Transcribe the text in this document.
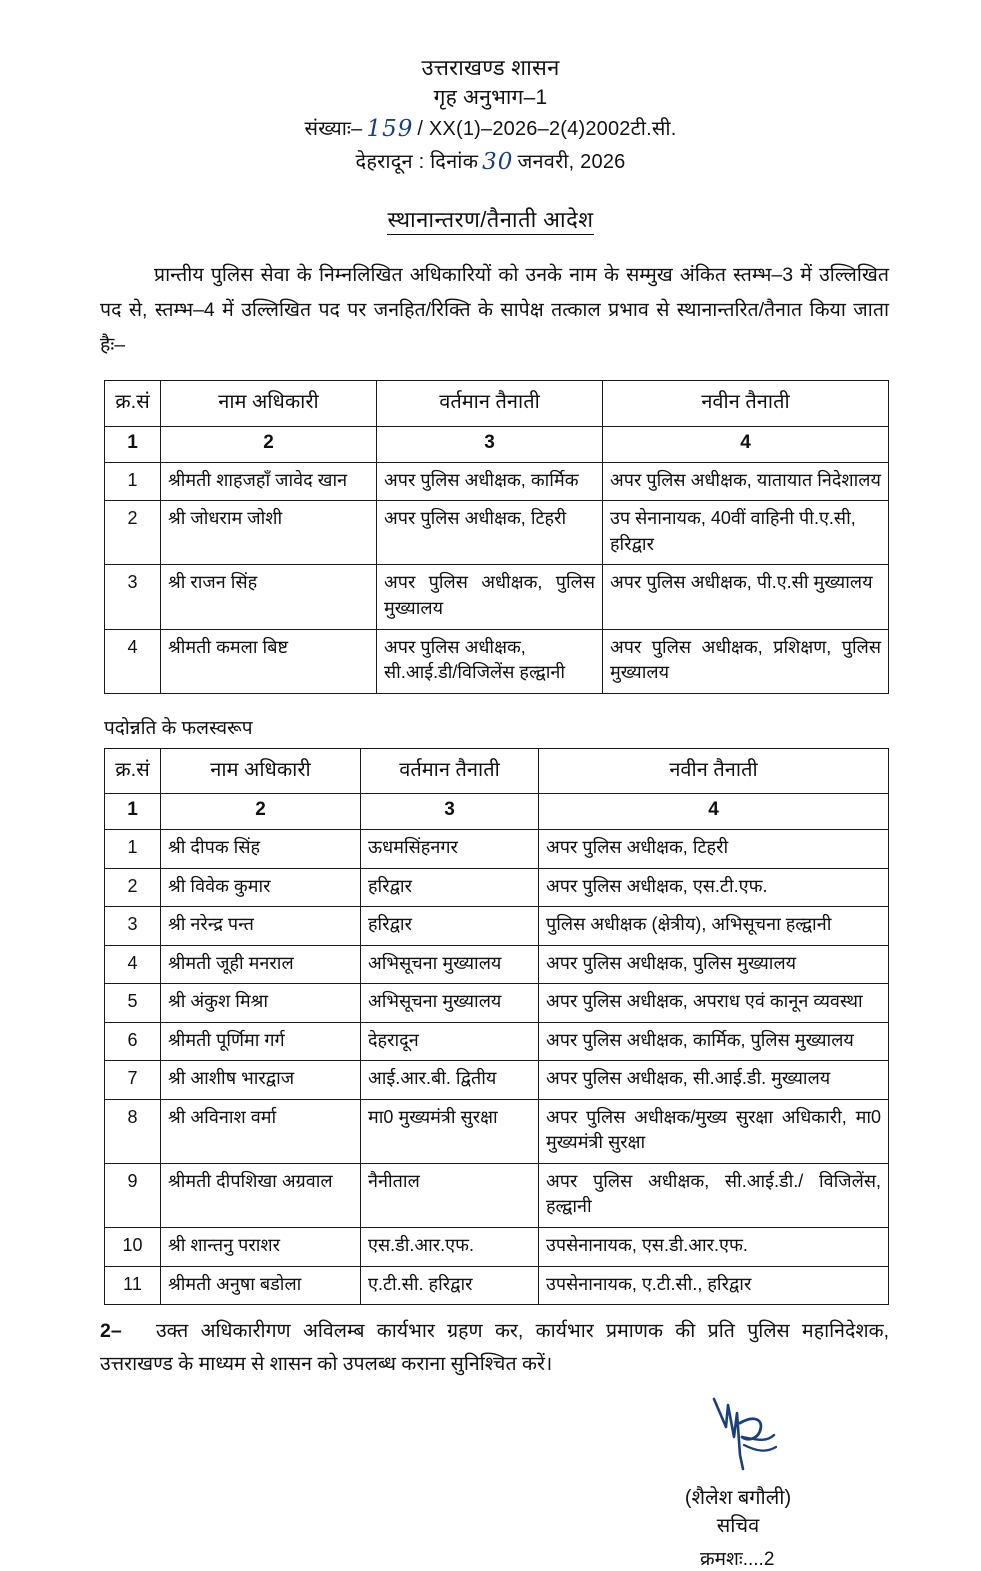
उत्तराखण्ड शासन
गृह अनुभाग–1
संख्याः– 159 / XX(1)–2026–2(4)2002टी.सी.
देहरादून : दिनांक 30 जनवरी, 2026
स्थानान्तरण/तैनाती आदेश
प्रान्तीय पुलिस सेवा के निम्नलिखित अधिकारियों को उनके नाम के सम्मुख अंकित स्तम्भ–3 में उल्लिखित पद से, स्तम्भ–4 में उल्लिखित पद पर जनहित/रिक्ति के सापेक्ष तत्काल प्रभाव से स्थानान्तरित/तैनात किया जाता हैः–
क्र.सं	नाम अधिकारी	वर्तमान तैनाती	नवीन तैनाती
1	2	3	4
1	श्रीमती शाहजहाँ जावेद खान	अपर पुलिस अधीक्षक, कार्मिक	अपर पुलिस अधीक्षक, यातायात निदेशालय
2	श्री जोधराम जोशी	अपर पुलिस अधीक्षक, टिहरी	उप सेनानायक, 40वीं वाहिनी पी.ए.सी, हरिद्वार
3	श्री राजन सिंह	अपर पुलिस अधीक्षक, पुलिस मुख्यालय	अपर पुलिस अधीक्षक, पी.ए.सी मुख्यालय
4	श्रीमती कमला बिष्ट	अपर पुलिस अधीक्षक, सी.आई.डी/विजिलेंस हल्द्वानी	अपर पुलिस अधीक्षक, प्रशिक्षण, पुलिस मुख्यालय
पदोन्नति के फलस्वरूप
क्र.सं	नाम अधिकारी	वर्तमान तैनाती	नवीन तैनाती
1	2	3	4
1	श्री दीपक सिंह	ऊधमसिंहनगर	अपर पुलिस अधीक्षक, टिहरी
2	श्री विवेक कुमार	हरिद्वार	अपर पुलिस अधीक्षक, एस.टी.एफ.
3	श्री नरेन्द्र पन्त	हरिद्वार	पुलिस अधीक्षक (क्षेत्रीय), अभिसूचना हल्द्वानी
4	श्रीमती जूही मनराल	अभिसूचना मुख्यालय	अपर पुलिस अधीक्षक, पुलिस मुख्यालय
5	श्री अंकुश मिश्रा	अभिसूचना मुख्यालय	अपर पुलिस अधीक्षक, अपराध एवं कानून व्यवस्था
6	श्रीमती पूर्णिमा गर्ग	देहरादून	अपर पुलिस अधीक्षक, कार्मिक, पुलिस मुख्यालय
7	श्री आशीष भारद्वाज	आई.आर.बी. द्वितीय	अपर पुलिस अधीक्षक, सी.आई.डी. मुख्यालय
8	श्री अविनाश वर्मा	मा0 मुख्यमंत्री सुरक्षा	अपर पुलिस अधीक्षक/मुख्य सुरक्षा अधिकारी, मा0 मुख्यमंत्री सुरक्षा
9	श्रीमती दीपशिखा अग्रवाल	नैनीताल	अपर पुलिस अधीक्षक, सी.आई.डी./ विजिलेंस, हल्द्वानी
10	श्री शान्तनु पराशर	एस.डी.आर.एफ.	उपसेनानायक, एस.डी.आर.एफ.
11	श्रीमती अनुषा बडोला	ए.टी.सी. हरिद्वार	उपसेनानायक, ए.टी.सी., हरिद्वार
2– उक्त अधिकारीगण अविलम्ब कार्यभार ग्रहण कर, कार्यभार प्रमाणक की प्रति पुलिस महानिदेशक, उत्तराखण्ड के माध्यम से शासन को उपलब्ध कराना सुनिश्चित करें।
(शैलेश बगौली)
सचिव
क्रमशः....2
